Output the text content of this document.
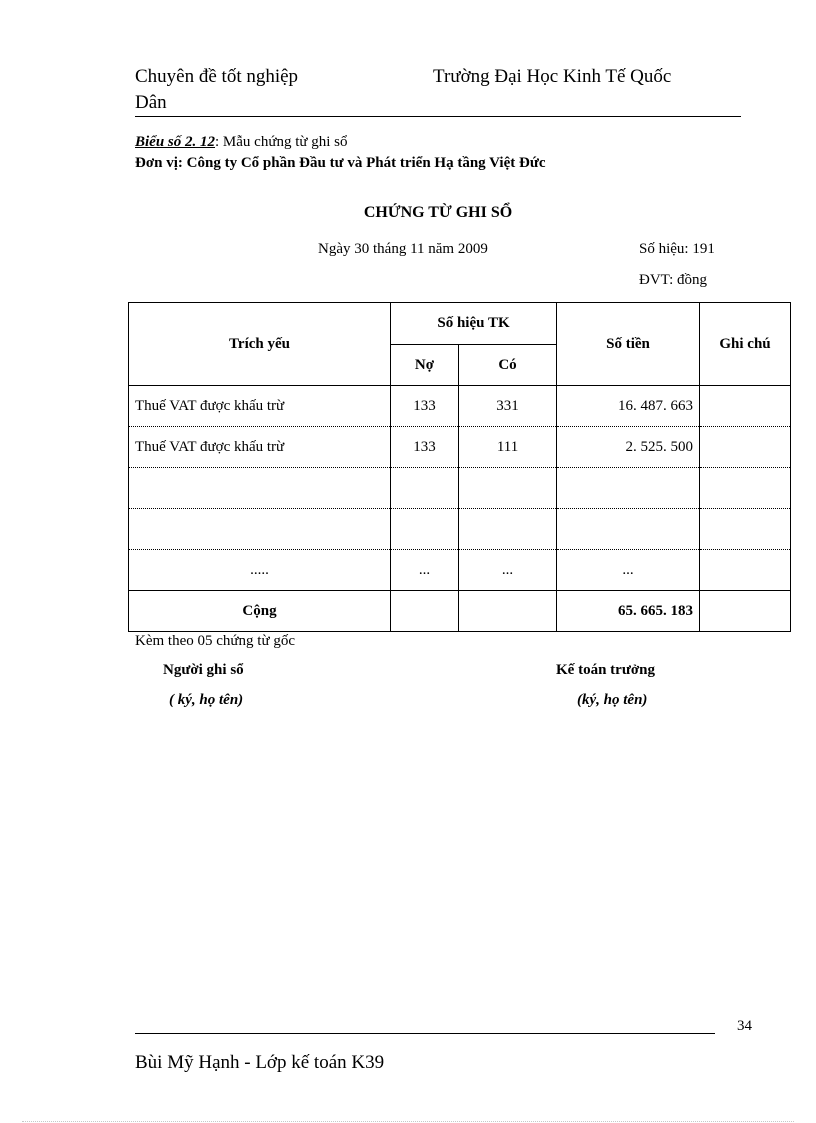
Chuyên đề tốt nghiệp	Trường Đại Học Kinh Tế Quốc
Dân
Biểu số 2. 12: Mẫu chứng từ ghi sổ
Đơn vị: Công ty Cổ phần Đầu tư và Phát triển Hạ tầng Việt Đức
CHỨNG TỪ GHI SỔ
Ngày 30 tháng 11 năm 2009	Số hiệu: 191
ĐVT: đồng
Trích yếu	Số hiệu TK		Số tiền	Ghi chú
	Nợ	Có		
Thuế VAT được khấu trừ	133	331	16. 487. 663	
Thuế VAT được khấu trừ	133	111	2. 525. 500	

.....	...	...	...	
Cộng			65. 665. 183	
Kèm theo 05 chứng từ gốc
Người ghi sổ
( ký, họ tên)
Kế toán trưởng
(ký, họ tên)
34
Bùi Mỹ Hạnh - Lớp kế toán K39
